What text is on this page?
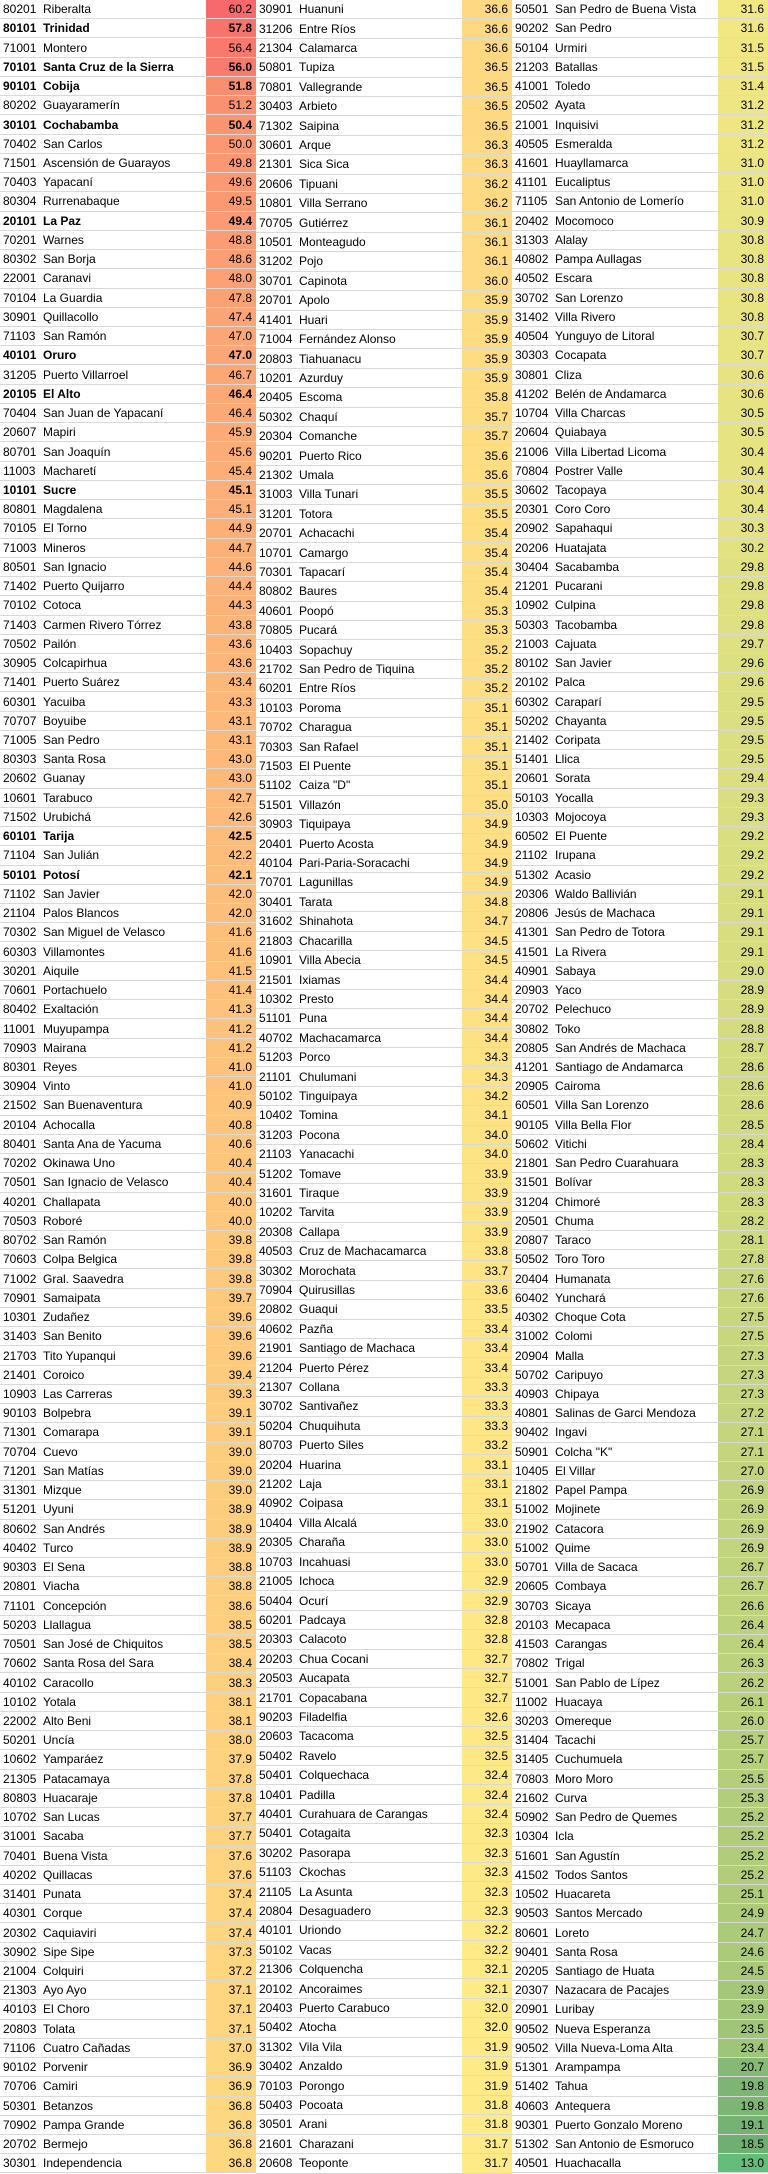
80201 Riberalta	60.2
80101 Trinidad	57.8
71001 Montero	56.4
70101 Santa Cruz de la Sierra	56.0
90101 Cobija	51.8
80202 Guayaramerín	51.2
30101 Cochabamba	50.4
70402 San Carlos	50.0
71501 Ascensión de Guarayos	49.8
70403 Yapacaní	49.6
80304 Rurrenabaque	49.5
20101 La Paz	49.4
70201 Warnes	48.8
80302 San Borja	48.6
22001 Caranavi	48.0
70104 La Guardia	47.8
30901 Quillacollo	47.4
71103 San Ramón	47.0
40101 Oruro	47.0
31205 Puerto Villarroel	46.7
20105 El Alto	46.4
70404 San Juan de Yapacaní	46.4
20607 Mapiri	45.9
80701 San Joaquín	45.6
11003 Macharetí	45.4
10101 Sucre	45.1
80801 Magdalena	45.1
70105 El Torno	44.9
71003 Mineros	44.7
80501 San Ignacio	44.6
71402 Puerto Quijarro	44.4
70102 Cotoca	44.3
71403 Carmen Rivero Tórrez	43.8
70502 Pailón	43.6
30905 Colcapirhua	43.6
71401 Puerto Suárez	43.4
60301 Yacuiba	43.3
70707 Boyuibe	43.1
71005 San Pedro	43.1
80303 Santa Rosa	43.0
20602 Guanay	43.0
10601 Tarabuco	42.7
71502 Urubichá	42.6
60101 Tarija	42.5
71104 San Julián	42.2
50101 Potosí	42.1
71102 San Javier	42.0
21104 Palos Blancos	42.0
70302 San Miguel de Velasco	41.6
60303 Villamontes	41.6
30201 Aiquile	41.5
70601 Portachuelo	41.4
80402 Exaltación	41.3
11001 Muyupampa	41.2
70903 Mairana	41.2
80301 Reyes	41.0
30904 Vinto	41.0
21502 San Buenaventura	40.9
20104 Achocalla	40.8
80401 Santa Ana de Yacuma	40.6
70202 Okinawa Uno	40.4
70501 San Ignacio de Velasco	40.4
40201 Challapata	40.0
70503 Roboré	40.0
80702 San Ramón	39.8
70603 Colpa Belgica	39.8
71002 Gral. Saavedra	39.8
70901 Samaipata	39.7
10301 Zudañez	39.6
31403 San Benito	39.6
21703 Tito Yupanqui	39.6
21401 Coroico	39.4
10903 Las Carreras	39.3
90103 Bolpebra	39.1
71301 Comarapa	39.1
70704 Cuevo	39.0
71201 San Matías	39.0
31301 Mizque	39.0
51201 Uyuni	38.9
80602 San Andrés	38.9
40402 Turco	38.9
90303 El Sena	38.8
20801 Viacha	38.8
71101 Concepción	38.6
50203 Llallagua	38.5
70501 San José de Chiquitos	38.5
70602 Santa Rosa del Sara	38.4
40102 Caracollo	38.3
10102 Yotala	38.1
22002 Alto Beni	38.1
50201 Uncía	38.0
10602 Yamparáez	37.9
21305 Patacamaya	37.8
80803 Huacaraje	37.8
10702 San Lucas	37.7
31001 Sacaba	37.7
70401 Buena Vista	37.6
40202 Quillacas	37.6
31401 Punata	37.4
40301 Corque	37.4
20302 Caquiaviri	37.4
30902 Sipe Sipe	37.3
21004 Colquiri	37.2
21303 Ayo Ayo	37.1
40103 El Choro	37.1
20803 Tolata	37.1
71106 Cuatro Cañadas	37.0
90102 Porvenir	36.9
70706 Camiri	36.9
50301 Betanzos	36.8
70902 Pampa Grande	36.8
20702 Bermejo	36.8
30301 Independencia	36.8
30901 Huanuni	36.6
31206 Entre Ríos	36.6
21304 Calamarca	36.6
50801 Tupiza	36.5
70801 Vallegrande	36.5
30403 Arbieto	36.5
71302 Saipina	36.5
30601 Arque	36.3
21301 Sica Sica	36.3
20606 Tipuani	36.2
10801 Villa Serrano	36.2
70705 Gutiérrez	36.1
10501 Monteagudo	36.1
31202 Pojo	36.1
30701 Capinota	36.0
20701 Apolo	35.9
41401 Huari	35.9
71004 Fernández Alonso	35.9
20803 Tiahuanacu	35.9
10201 Azurduy	35.9
20405 Escoma	35.8
50302 Chaquí	35.7
20304 Comanche	35.7
90201 Puerto Rico	35.6
21302 Umala	35.6
31003 Villa Tunari	35.5
31201 Totora	35.5
20701 Achacachi	35.4
10701 Camargo	35.4
70301 Tapacarí	35.4
80802 Baures	35.4
40601 Poopó	35.3
70805 Pucará	35.3
10403 Sopachuy	35.2
21702 San Pedro de Tiquina	35.2
60201 Entre Ríos	35.2
10103 Poroma	35.1
70702 Charagua	35.1
70303 San Rafael	35.1
71503 El Puente	35.1
51102 Caiza "D"	35.1
51501 Villazón	35.0
30903 Tiquipaya	34.9
20401 Puerto Acosta	34.9
40104 Pari-Paria-Soracachi	34.9
70701 Lagunillas	34.9
30401 Tarata	34.8
31602 Shinahota	34.7
21803 Chacarilla	34.5
10901 Villa Abecia	34.5
21501 Ixiamas	34.4
10302 Presto	34.4
51101 Puna	34.4
40702 Machacamarca	34.4
51203 Porco	34.3
21101 Chulumani	34.3
50102 Tinguipaya	34.2
10402 Tomina	34.1
31203 Pocona	34.0
21103 Yanacachi	34.0
51202 Tomave	33.9
31601 Tiraque	33.9
10202 Tarvita	33.9
20308 Callapa	33.9
40503 Cruz de Machacamarca	33.8
30302 Morochata	33.7
70904 Quirusillas	33.6
20802 Guaqui	33.5
40602 Pazña	33.4
21901 Santiago de Machaca	33.4
21204 Puerto Pérez	33.4
21307 Collana	33.3
30702 Santivañez	33.3
50204 Chuquihuta	33.3
80703 Puerto Siles	33.2
20204 Huarina	33.1
21202 Laja	33.1
40902 Coipasa	33.1
10404 Villa Alcalá	33.0
20305 Charaña	33.0
10703 Incahuasi	33.0
21005 Ichoca	32.9
50404 Ocurí	32.9
60201 Padcaya	32.8
20303 Calacoto	32.8
20203 Chua Cocani	32.7
20503 Aucapata	32.7
21701 Copacabana	32.7
90203 Filadelfia	32.6
20603 Tacacoma	32.5
50402 Ravelo	32.5
50401 Colquechaca	32.4
10401 Padilla	32.4
40401 Curahuara de Carangas	32.4
50401 Cotagaita	32.3
30202 Pasorapa	32.3
51103 Ckochas	32.3
21105 La Asunta	32.3
20804 Desaguadero	32.3
40101 Uriondo	32.2
50102 Vacas	32.2
21306 Colquencha	32.1
20102 Ancoraimes	32.1
20403 Puerto Carabuco	32.0
50402 Atocha	32.0
31302 Vila Vila	31.9
30402 Anzaldo	31.9
70103 Porongo	31.9
50403 Pocoata	31.8
30501 Arani	31.8
21601 Charazani	31.7
20608 Teoponte	31.7
50501 San Pedro de Buena Vista	31.6
90202 San Pedro	31.6
50104 Urmiri	31.5
21203 Batallas	31.5
41001 Toledo	31.4
20502 Ayata	31.2
21001 Inquisivi	31.2
40505 Esmeralda	31.2
41601 Huayllamarca	31.0
41101 Eucaliptus	31.0
71105 San Antonio de Lomerío	31.0
20402 Mocomoco	30.9
31303 Alalay	30.8
40802 Pampa Aullagas	30.8
40502 Escara	30.8
30702 San Lorenzo	30.8
31402 Villa Rivero	30.8
40504 Yunguyo de Litoral	30.7
30303 Cocapata	30.7
30801 Cliza	30.6
41202 Belén de Andamarca	30.6
10704 Villa Charcas	30.5
20604 Quiabaya	30.5
21006 Villa Libertad Licoma	30.4
70804 Postrer Valle	30.4
30602 Tacopaya	30.4
20301 Coro Coro	30.4
20902 Sapahaqui	30.3
20206 Huatajata	30.2
30404 Sacabamba	29.8
21201 Pucarani	29.8
10902 Culpina	29.8
50303 Tacobamba	29.8
21003 Cajuata	29.7
80102 San Javier	29.6
20102 Palca	29.6
60302 Caraparí	29.5
50202 Chayanta	29.5
21402 Coripata	29.5
51401 Llica	29.5
20601 Sorata	29.4
50103 Yocalla	29.3
10303 Mojocoya	29.3
60502 El Puente	29.2
21102 Irupana	29.2
51302 Acasio	29.2
20306 Waldo Ballivián	29.1
20806 Jesús de Machaca	29.1
41301 San Pedro de Totora	29.1
41501 La Rivera	29.1
40901 Sabaya	29.0
20903 Yaco	28.9
20702 Pelechuco	28.9
30802 Toko	28.8
20805 San Andrés de Machaca	28.7
41201 Santiago de Andamarca	28.6
20905 Cairoma	28.6
60501 Villa San Lorenzo	28.6
90105 Villa Bella Flor	28.5
50602 Vitichi	28.4
21801 San Pedro Cuarahuara	28.3
31501 Bolívar	28.3
31204 Chimoré	28.3
20501 Chuma	28.2
20807 Taraco	28.1
50502 Toro Toro	27.8
20404 Humanata	27.6
60402 Yunchará	27.6
40302 Choque Cota	27.5
31002 Colomi	27.5
20904 Malla	27.3
50702 Caripuyo	27.3
40903 Chipaya	27.3
40801 Salinas de Garci Mendoza	27.2
90402 Ingavi	27.1
50901 Colcha "K"	27.1
10405 El Villar	27.0
21802 Papel Pampa	26.9
51002 Mojinete	26.9
21902 Catacora	26.9
51002 Quime	26.9
50701 Villa de Sacaca	26.7
20605 Combaya	26.7
30703 Sicaya	26.6
20103 Mecapaca	26.4
41503 Carangas	26.4
70802 Trigal	26.3
51001 San Pablo de Lípez	26.2
11002 Huacaya	26.1
30203 Omereque	26.0
31404 Tacachi	25.7
31405 Cuchumuela	25.7
70803 Moro Moro	25.5
21602 Curva	25.3
50902 San Pedro de Quemes	25.2
10304 Icla	25.2
51601 San Agustín	25.2
41502 Todos Santos	25.2
10502 Huacareta	25.1
90503 Santos Mercado	24.9
80601 Loreto	24.7
90401 Santa Rosa	24.6
20205 Santiago de Huata	24.5
20307 Nazacara de Pacajes	23.9
20901 Luribay	23.9
90502 Nueva Esperanza	23.5
90502 Villa Nueva-Loma Alta	23.4
51301 Arampampa	20.7
51402 Tahua	19.8
40603 Antequera	19.8
90301 Puerto Gonzalo Moreno	19.1
51302 San Antonio de Esmoruco	18.5
40501 Huachacalla	13.0
